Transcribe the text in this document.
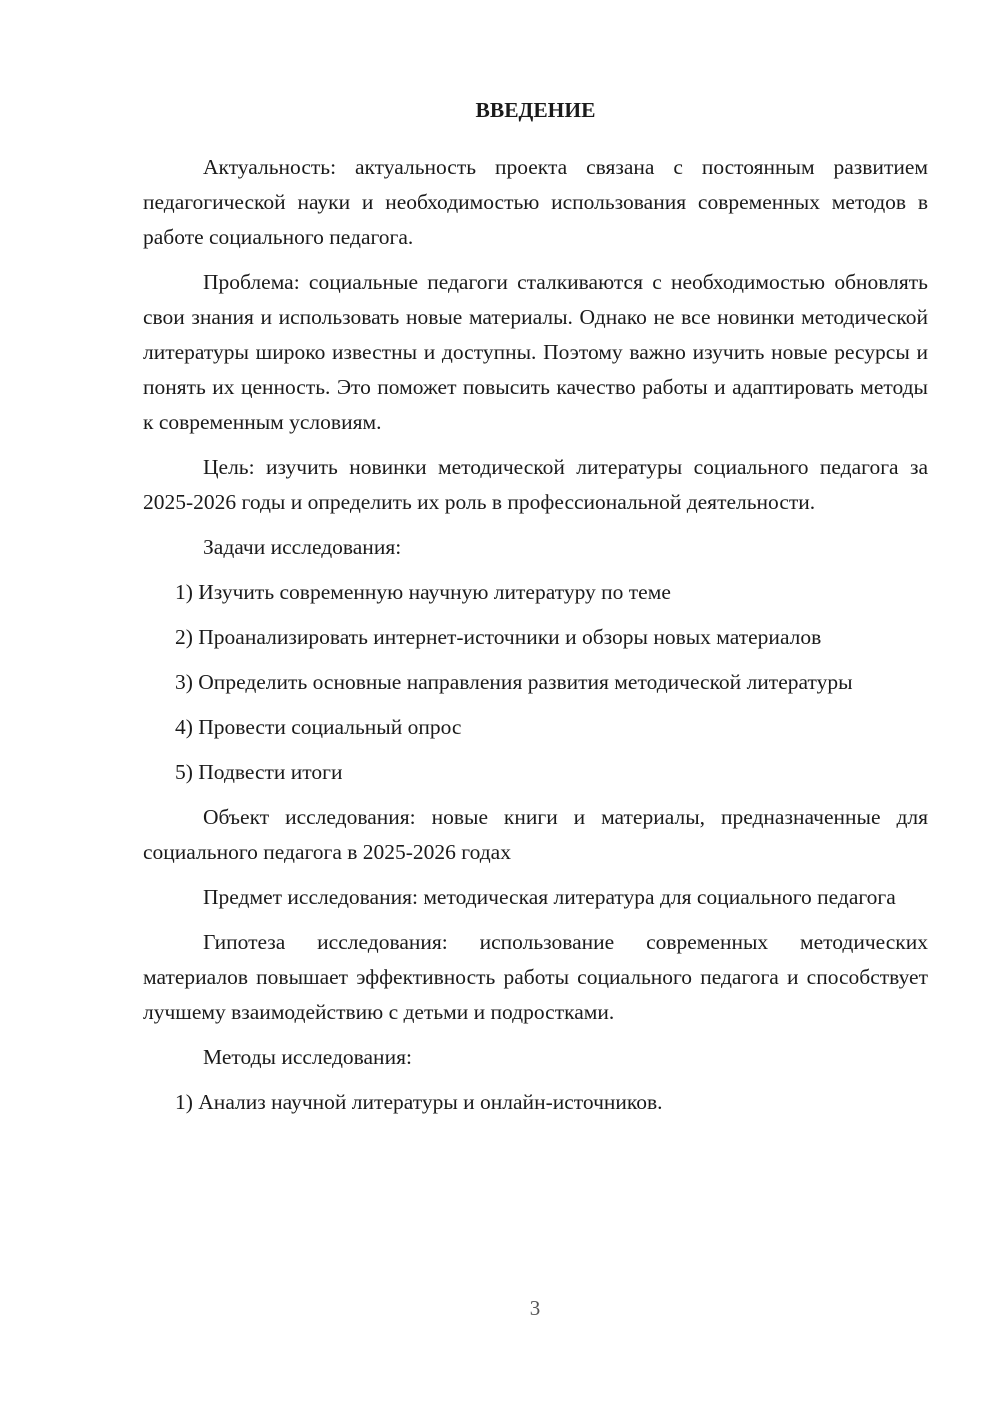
ВВЕДЕНИЕ

Актуальность: актуальность проекта связана с постоянным развитием педагогической науки и необходимостью использования современных методов в работе социального педагога.

Проблема: социальные педагоги сталкиваются с необходимостью обновлять свои знания и использовать новые материалы. Однако не все новинки методической литературы широко известны и доступны. Поэтому важно изучить новые ресурсы и понять их ценность. Это поможет повысить качество работы и адаптировать методы к современным условиям.

Цель: изучить новинки методической литературы социального педагога за 2025-2026 годы и определить их роль в профессиональной деятельности.

Задачи исследования:

1) Изучить современную научную литературу по теме

2) Проанализировать интернет-источники и обзоры новых материалов

3) Определить основные направления развития методической литературы

4) Провести социальный опрос

5) Подвести итоги

Объект исследования: новые книги и материалы, предназначенные для социального педагога в 2025-2026 годах

Предмет исследования: методическая литература для социального педагога

Гипотеза исследования: использование современных методических материалов повышает эффективность работы социального педагога и способствует лучшему взаимодействию с детьми и подростками.

Методы исследования:

1) Анализ научной литературы и онлайн-источников.

3
